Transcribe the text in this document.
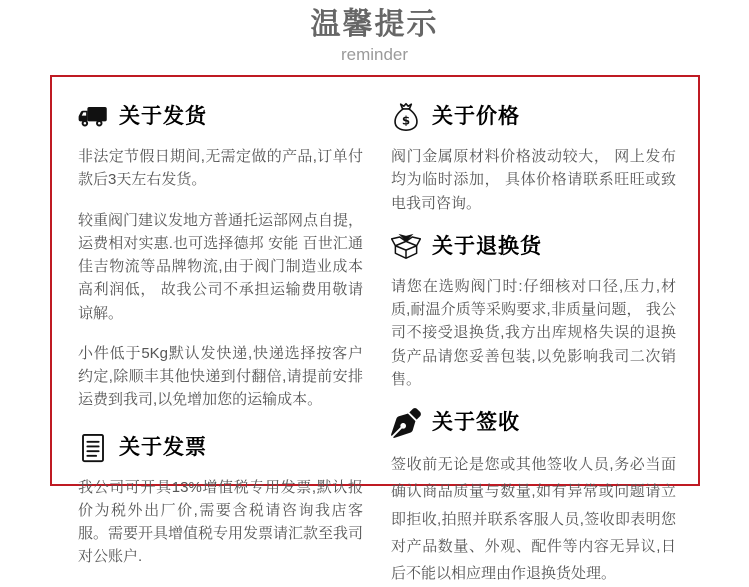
温馨提示
reminder
关于发货

非法定节假日期间,无需定做的产品,订单付款后3天左右发货。

较重阀门建议发地方普通托运部网点自提，运费相对实惠.也可选择德邦 安能 百世汇通 佳吉物流等品牌物流,由于阀门制造业成本高利润低， 故我公司不承担运输费用敬请谅解。

小件低于5Kg默认发快递,快递选择按客户约定,除顺丰其他快递到付翻倍,请提前安排运费到我司,以免增加您的运输成本。

关于发票

我公司可开具13%增值税专用发票,默认报价为税外出厂价,需要含税请咨询我店客服。需要开具增值税专用发票请汇款至我司对公账户.

$ 关于价格

阀门金属原材料价格波动较大， 网上发布均为临时添加， 具体价格请联系旺旺或致电我司咨询。

关于退换货

请您在选购阀门时:仔细核对口径,压力,材质,耐温介质等采购要求,非质量问题， 我公司不接受退换货,我方出库规格失误的退换货产品请您妥善包装,以免影响我司二次销售。

关于签收

签收前无论是您或其他签收人员,务必当面确认商品质量与数量,如有异常或问题请立即拒收,拍照并联系客服人员,签收即表明您对产品数量、外观、配件等内容无异议,日后不能以相应理由作退换货处理。
